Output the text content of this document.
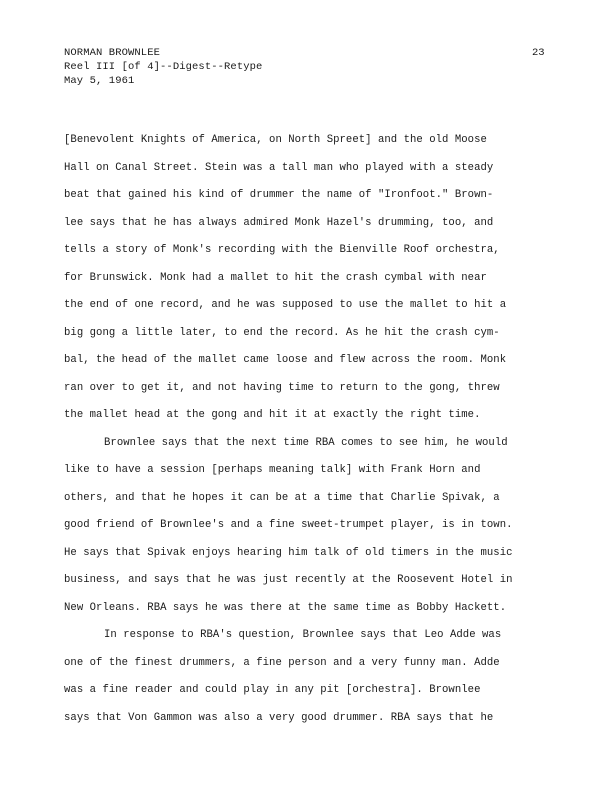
NORMAN BROWNLEE
Reel III [of 4]--Digest--Retype
May 5, 1961
23
[Benevolent Knights of America, on North Spreet] and the old Moose
Hall on Canal Street. Stein was a tall man who played with a steady
beat that gained his kind of drummer the name of "Ironfoot." Brown-
lee says that he has always admired Monk Hazel's drumming, too, and
tells a story of Monk's recording with the Bienville Roof orchestra,
for Brunswick. Monk had a mallet to hit the crash cymbal with near
the end of one record, and he was supposed to use the mallet to hit a
big gong a little later, to end the record. As he hit the crash cym-
bal, the head of the mallet came loose and flew across the room. Monk
ran over to get it, and not having time to return to the gong, threw
the mallet head at the gong and hit it at exactly the right time.
Brownlee says that the next time RBA comes to see him, he would
like to have a session [perhaps meaning talk] with Frank Horn and
others, and that he hopes it can be at a time that Charlie Spivak, a
good friend of Brownlee's and a fine sweet-trumpet player, is in town.
He says that Spivak enjoys hearing him talk of old timers in the music
business, and says that he was just recently at the Roosevent Hotel in
New Orleans. RBA says he was there at the same time as Bobby Hackett.
In response to RBA's question, Brownlee says that Leo Adde was
one of the finest drummers, a fine person and a very funny man. Adde
was a fine reader and could play in any pit [orchestra]. Brownlee
says that Von Gammon was also a very good drummer. RBA says that he
